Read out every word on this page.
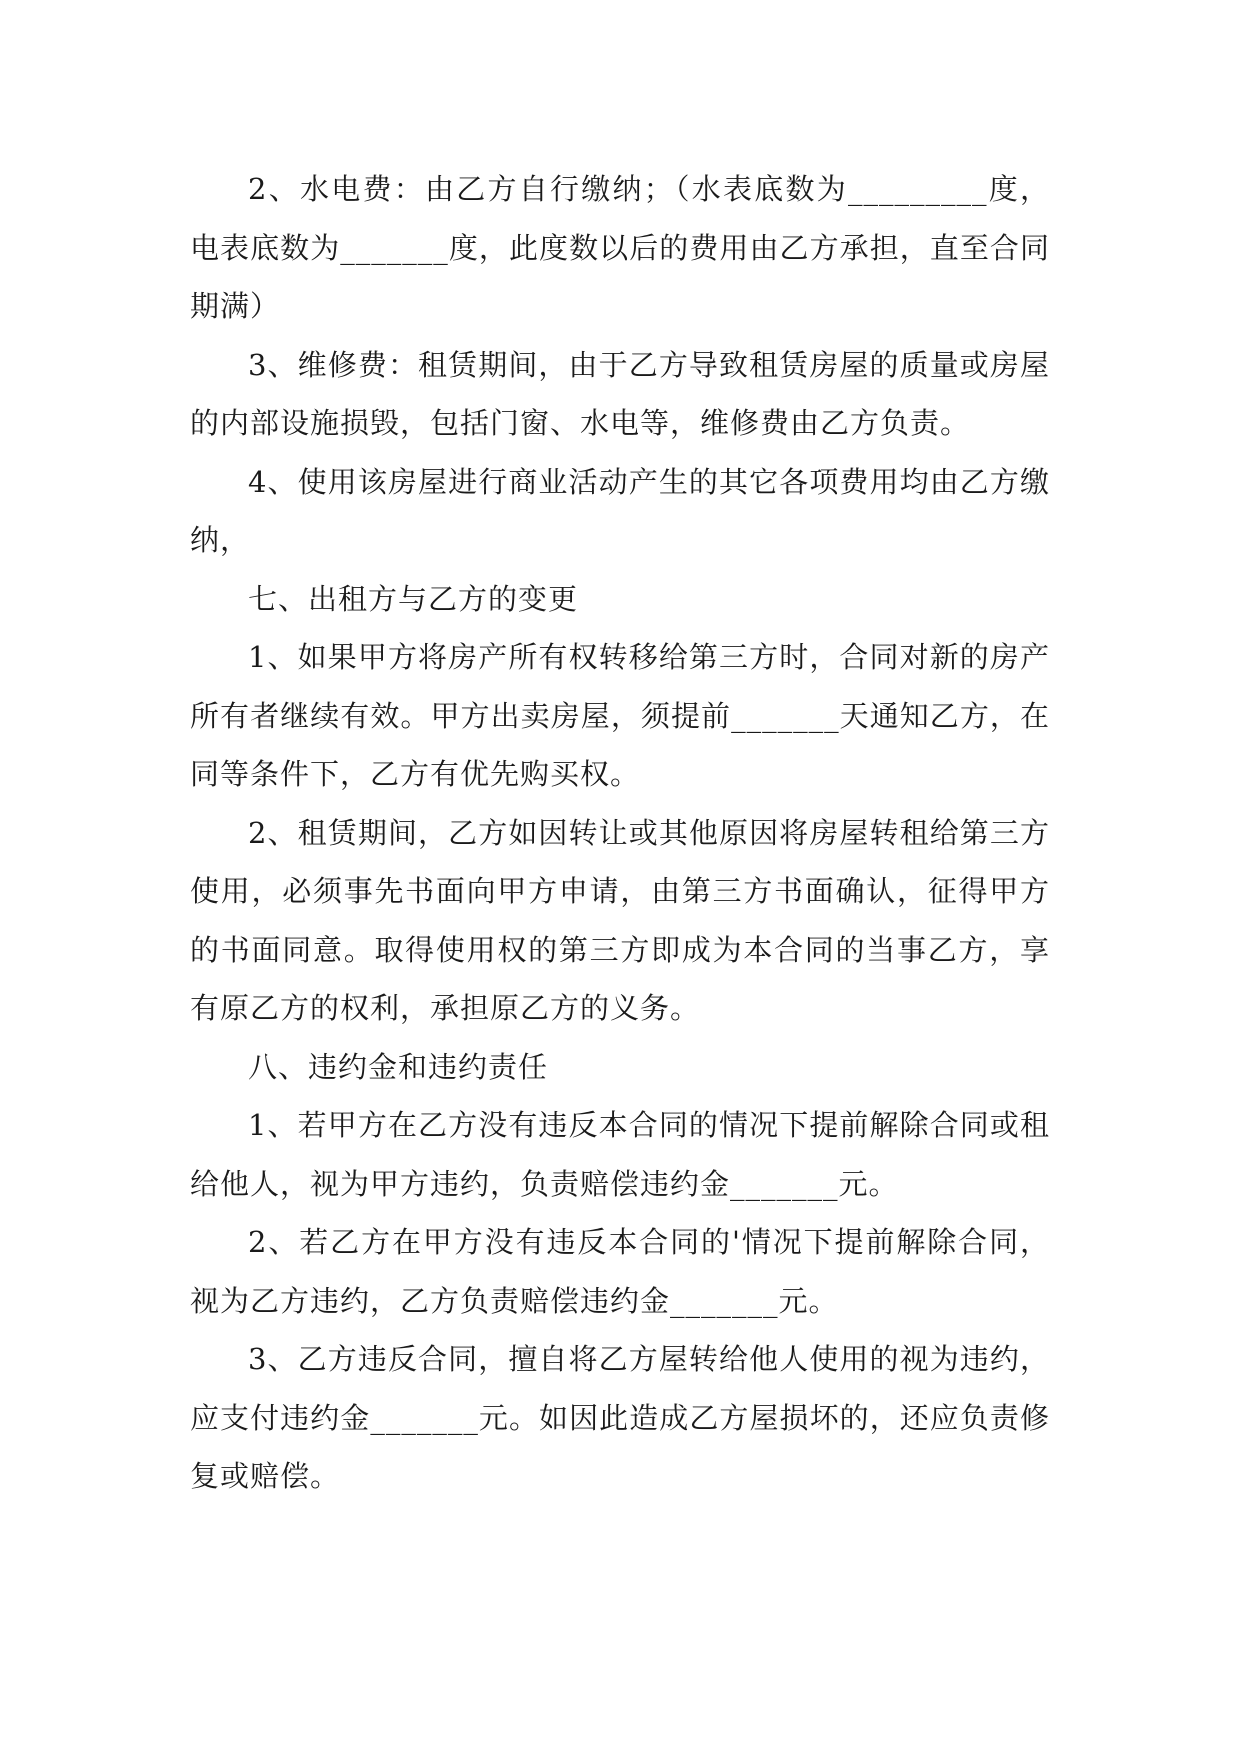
2、水电费：由乙方自行缴纳；（水表底数为_________度，电表底数为_______度，此度数以后的费用由乙方承担，直至合同期满）

3、维修费：租赁期间，由于乙方导致租赁房屋的质量或房屋的内部设施损毁，包括门窗、水电等，维修费由乙方负责。

4、使用该房屋进行商业活动产生的其它各项费用均由乙方缴纳，

七、出租方与乙方的变更

1、如果甲方将房产所有权转移给第三方时，合同对新的房产所有者继续有效。甲方出卖房屋，须提前_______天通知乙方，在同等条件下，乙方有优先购买权。

2、租赁期间，乙方如因转让或其他原因将房屋转租给第三方使用，必须事先书面向甲方申请，由第三方书面确认，征得甲方的书面同意。取得使用权的第三方即成为本合同的当事乙方，享有原乙方的权利，承担原乙方的义务。

八、违约金和违约责任

1、若甲方在乙方没有违反本合同的情况下提前解除合同或租给他人，视为甲方违约，负责赔偿违约金_______元。

2、若乙方在甲方没有违反本合同的'情况下提前解除合同，视为乙方违约，乙方负责赔偿违约金_______元。

3、乙方违反合同，擅自将乙方屋转给他人使用的视为违约，应支付违约金_______元。如因此造成乙方屋损坏的，还应负责修复或赔偿。
